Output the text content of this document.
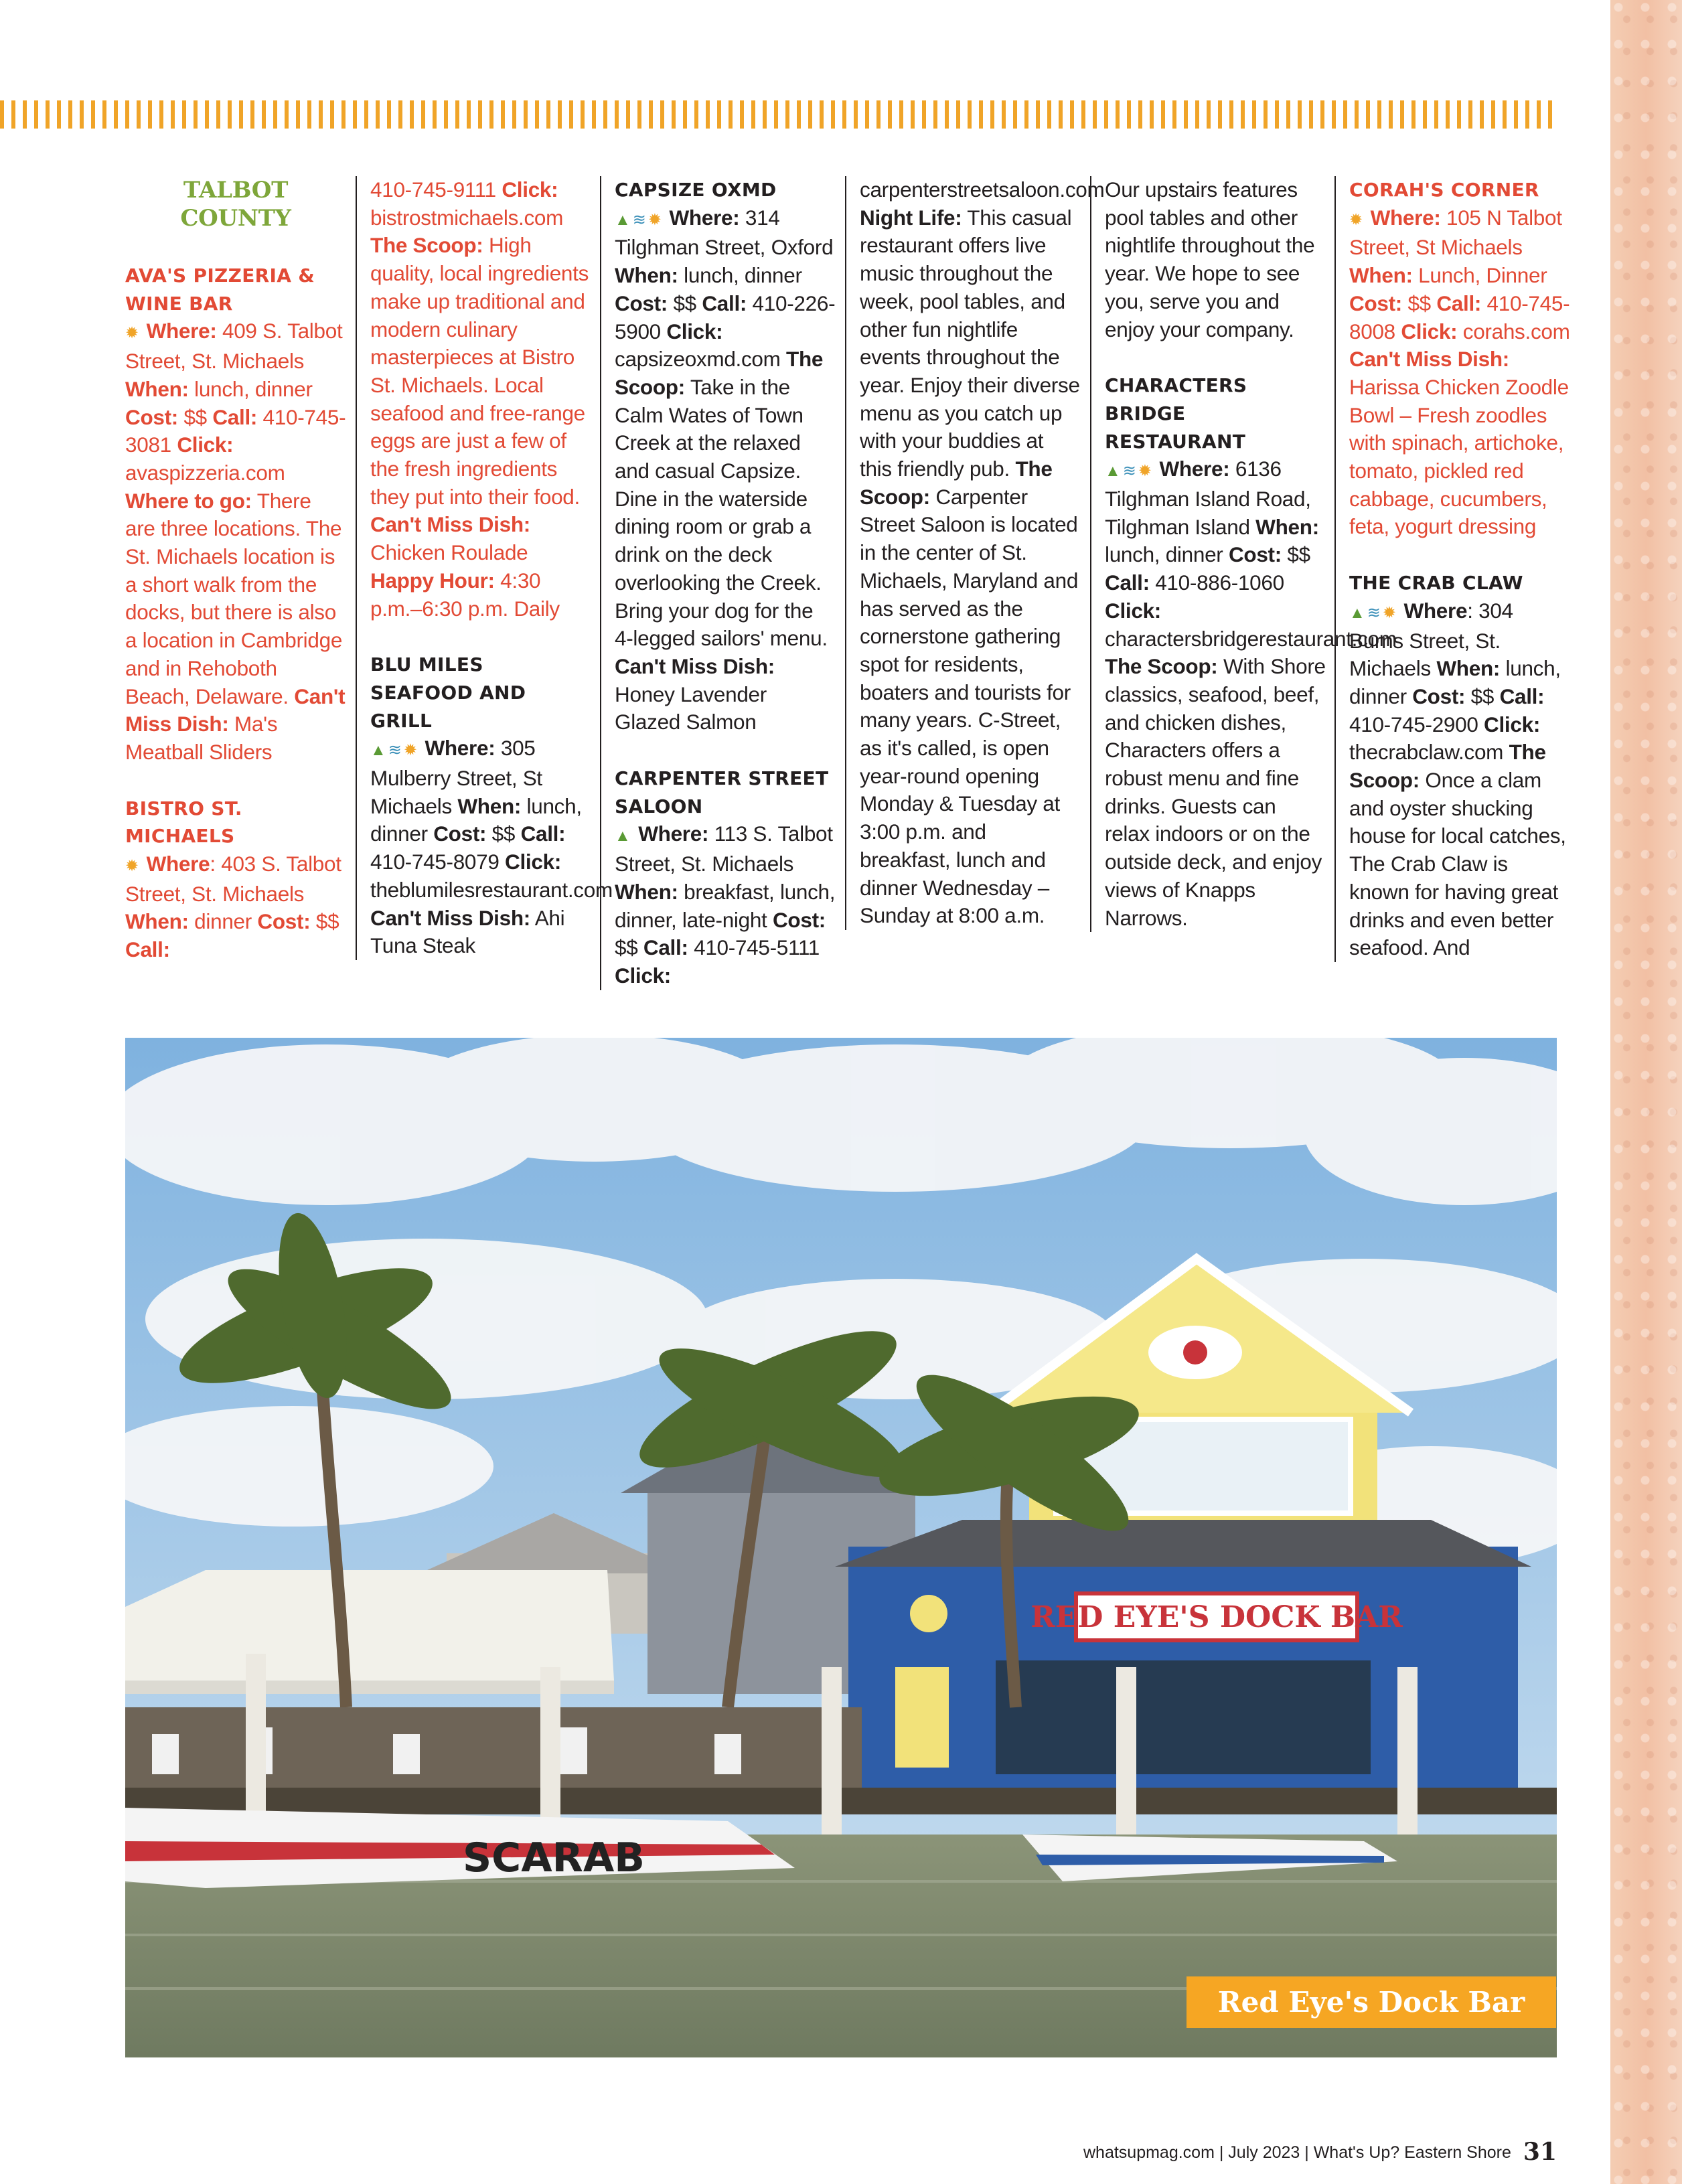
TALBOT COUNTY

AVA'S PIZZERIA & WINE BAR

✹ Where: 409 S. Talbot Street, St. Michaels When: lunch, dinner Cost: $$ Call: 410-745-3081 Click: avaspizzeria.com Where to go: There are three locations. The St. Michaels location is a short walk from the docks, but there is also a location in Cambridge and in Rehoboth Beach, Delaware. Can't Miss Dish: Ma's Meatball Sliders

BISTRO ST. MICHAELS

✹ Where: 403 S. Talbot Street, St. Michaels When: dinner Cost: $$ Call:

410-745-9111 Click: bistrostmichaels.com The Scoop: High quality, local ingredients make up traditional and modern culinary masterpieces at Bistro St. Michaels. Local seafood and free-range eggs are just a few of the fresh ingredients they put into their food. Can't Miss Dish: Chicken Roulade Happy Hour: 4:30 p.m.–6:30 p.m. Daily

BLU MILES SEAFOOD AND GRILL

▲≋✹ Where: 305 Mulberry Street, St Michaels When: lunch, dinner Cost: $$ Call: 410-745-8079 Click: theblumilesrestaurant.com Can't Miss Dish: Ahi Tuna Steak

CAPSIZE OXMD

▲≋✹ Where: 314 Tilghman Street, Oxford When: lunch, dinner Cost: $$ Call: 410-226-5900 Click: capsizeoxmd.com The Scoop: Take in the Calm Wates of Town Creek at the relaxed and casual Capsize. Dine in the waterside dining room or grab a drink on the deck overlooking the Creek. Bring your dog for the 4-legged sailors' menu. Can't Miss Dish: Honey Lavender Glazed Salmon

CARPENTER STREET SALOON

▲ Where: 113 S. Talbot Street, St. Michaels When: breakfast, lunch, dinner, late-night Cost: $$ Call: 410-745-5111 Click:

carpenterstreetsaloon.com Night Life: This casual restaurant offers live music throughout the week, pool tables, and other fun nightlife events throughout the year. Enjoy their diverse menu as you catch up with your buddies at this friendly pub. The Scoop: Carpenter Street Saloon is located in the center of St. Michaels, Maryland and has served as the cornerstone gathering spot for residents, boaters and tourists for many years. C-Street, as it's called, is open year-round opening Monday & Tuesday at 3:00 p.m. and breakfast, lunch and dinner Wednesday –Sunday at 8:00 a.m.

Our upstairs features pool tables and other nightlife throughout the year. We hope to see you, serve you and enjoy your company.

CHARACTERS BRIDGE RESTAURANT

▲≋✹ Where: 6136 Tilghman Island Road, Tilghman Island When: lunch, dinner Cost: $$ Call: 410-886-1060 Click: charactersbridgerestaurant.com The Scoop: With Shore classics, seafood, beef, and chicken dishes, Characters offers a robust menu and fine drinks. Guests can relax indoors or on the outside deck, and enjoy views of Knapps Narrows.

CORAH'S CORNER

✹ Where: 105 N Talbot Street, St Michaels When: Lunch, Dinner Cost: $$ Call: 410-745-8008 Click: corahs.com Can't Miss Dish: Harissa Chicken Zoodle Bowl – Fresh zoodles with spinach, artichoke, tomato, pickled red cabbage, cucumbers, feta, yogurt dressing

THE CRAB CLAW

▲≋✹ Where: 304 Burns Street, St. Michaels When: lunch, dinner Cost: $$ Call: 410-745-2900 Click: thecrabclaw.com The Scoop: Once a clam and oyster shucking house for local catches, The Crab Claw is known for having great drinks and even better seafood. And

RED EYE'S DOCK BAR
SCARAB
Red Eye's Dock Bar
whatsupmag.com | July 2023 | What's Up? Eastern Shore 31
